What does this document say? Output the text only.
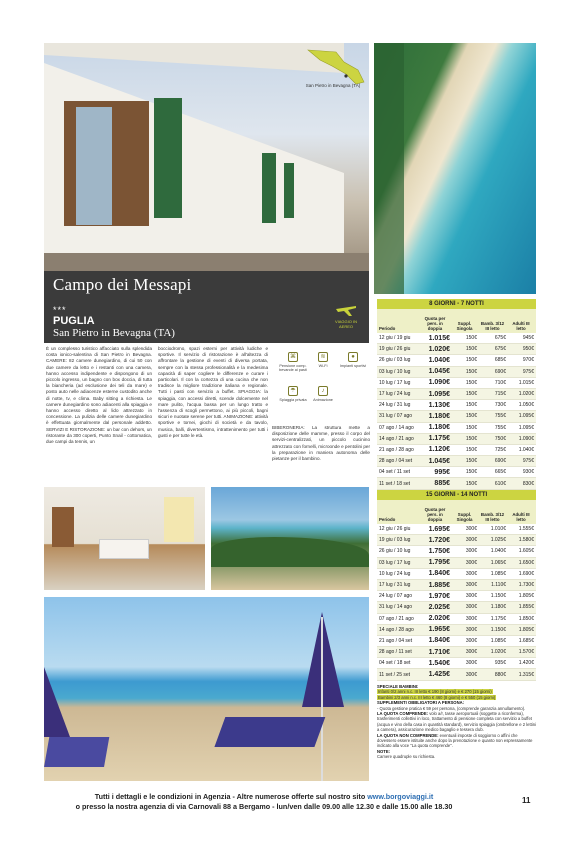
San Pietro in Bevagna (TA)
Campo dei Messapi
***
PUGLIA
San Pietro in Bevagna (TA)
VIAGGIO IN AEREO
È un complesso turistico affacciato sulla splendida costa ionico-salentina di San Pietro in Bevagna. CAMERE: 82 camere dunegiardino, di cui 50 con due camere da letto e i restanti con una camera, hanno accesso indipendente e dispongono di un piccolo ingresso, un bagno con box doccia, di tutta la biancheria (ad esclusione dei teli da mare) e posto auto nelle adiacenze esterne custodito anche di notte, tv, e clima. Baby sitting a richiesta. Le camere dunegiardino sono adiacenti alla spiaggia e hanno accesso diretto al lido attrezzato in concessione. La pulizia delle camere dunegiardino è effettuata giornalmente dal personale addetto. SERVIZI E RISTORAZIONE: un bar con dehors, un ristorante da 300 coperti, Punto Snail - cottomatica, due campi da tennis, un
bocciodromo, spazi esterni per attività ludiche e sportive. Il servizio di ristorazione è all'altezza di affrontare la gestione di eventi di diversa portata, sempre con la stessa professionalità e la medesima capacità di saper cogliere le differenze e curare i particolari. Il con la cortezza di una cucina che non tradisce la migliore tradizione italiana e regionale. Tutti i pasti con servizio a buffet. SPIAGGIA: la spiaggia, con accessi diretti, scende dolcemente nel mare pulito, l'acqua bassa per un lungo tratto e l'assenza di scogli permettono, ai più piccoli, bagni sicuri e nuotate serene per tutti. ANIMAZIONE: attività sportive e tornei, giochi di società e da tavolo, musica, balli, divertentismo, intrattenimento per tutti i gusti e per tutte le età.
⌘
Pensione comp. bevande ai pasti
≋
Wi-Fi
●
Impianti sportivi
☂
Spiaggia privata
♪
Animazione
BIBERONERIA: La struttura mette a disposizione delle mamme, presso il corpo del servizi-centralizzati, un piccolo cucinino attrezzato con fornelli, microonde e pentolini per la preparazione in maniera autonoma delle pietanze per il bambino.
8 GIORNI - 7 NOTTI
Periodo
Quota per pers. in doppia
Suppl. Singola
Bamb. 3/12 III letto
Adulti III letto
12 giu / 19 giu	1.015€	150€	675€	945€
19 giu / 26 giu	1.020€	150€	675€	950€
26 giu / 03 lug	1.040€	150€	685€	970€
03 lug / 10 lug	1.045€	150€	690€	975€
10 lug / 17 lug	1.090€	150€	710€	1.015€
17 lug / 24 lug	1.095€	150€	715€	1.020€
24 lug / 31 lug	1.130€	150€	730€	1.050€
31 lug / 07 ago	1.180€	150€	755€	1.095€
07 ago / 14 ago	1.180€	150€	755€	1.095€
14 ago / 21 ago	1.175€	150€	750€	1.090€
21 ago / 28 ago	1.120€	150€	725€	1.040€
28 ago / 04 set	1.045€	150€	690€	975€
04 set / 11 set	995€	150€	665€	930€
11 set / 18 set	885€	150€	610€	830€
15 GIORNI - 14 NOTTI
Periodo
Quota per pers. in doppia
Suppl. Singola
Bamb. 3/12 III letto
Adulti III letto
12 giu / 26 giu	1.695€	300€	1.010€	1.555€
19 giu / 03 lug	1.720€	300€	1.025€	1.580€
26 giu / 10 lug	1.750€	300€	1.040€	1.605€
03 lug / 17 lug	1.795€	300€	1.065€	1.650€
10 lug / 24 lug	1.840€	300€	1.085€	1.690€
17 lug / 31 lug	1.885€	300€	1.110€	1.730€
24 lug / 07 ago	1.970€	300€	1.150€	1.805€
31 lug / 14 ago	2.025€	300€	1.180€	1.855€
07 ago / 21 ago	2.020€	300€	1.175€	1.850€
14 ago / 28 ago	1.965€	300€	1.150€	1.805€
21 ago / 04 set	1.840€	300€	1.085€	1.685€
28 ago / 11 set	1.710€	300€	1.020€	1.570€
04 set / 18 set	1.540€	300€	935€	1.420€
11 set / 25 set	1.425€	300€	880€	1.315€
SPECIALE BAMBINI:
Infanti 0/2 anni n.c. III letto € 190 (8 giorni) e € 270 (15 giorni)
Bambini 2/3 anni n.c. III letto € 460 (8 giorni) e € 550 (15 giorni)
SUPPLEMENTI OBBLIGATORI A PERSONA:
- Quota gestione pratica € 59 per persona, (comprende garanzia annullamento).
LA QUOTA COMPRENDE: volo a/r, tasse aeroportuali (soggette a riconferma), trasferimenti collettivi in loco, trattamento di pensione completa con servizio a buffet (acqua e vino della casa in quantità standard), servizio spiaggia (ombrellone e 2 lettini a camera), assicurazione medico bagaglio e tessera club.
LA QUOTA NON COMPRENDE: eventuali imposte di soggiorno o affini che dovessero essere istituite anche dopo la prenotazione e quanto non espressamente indicato alla voce "La quota comprende".
NOTE:
Camere quadruple su richiesta.
Tutti i dettagli e le condizioni in Agenzia - Altre numerose offerte sul nostro sito www.borgoviaggi.it
o presso la nostra agenzia di via Carnovali 88 a Bergamo - lun/ven dalle 09.00 alle 12.30 e dalle 15.00 alle 18.30
11
